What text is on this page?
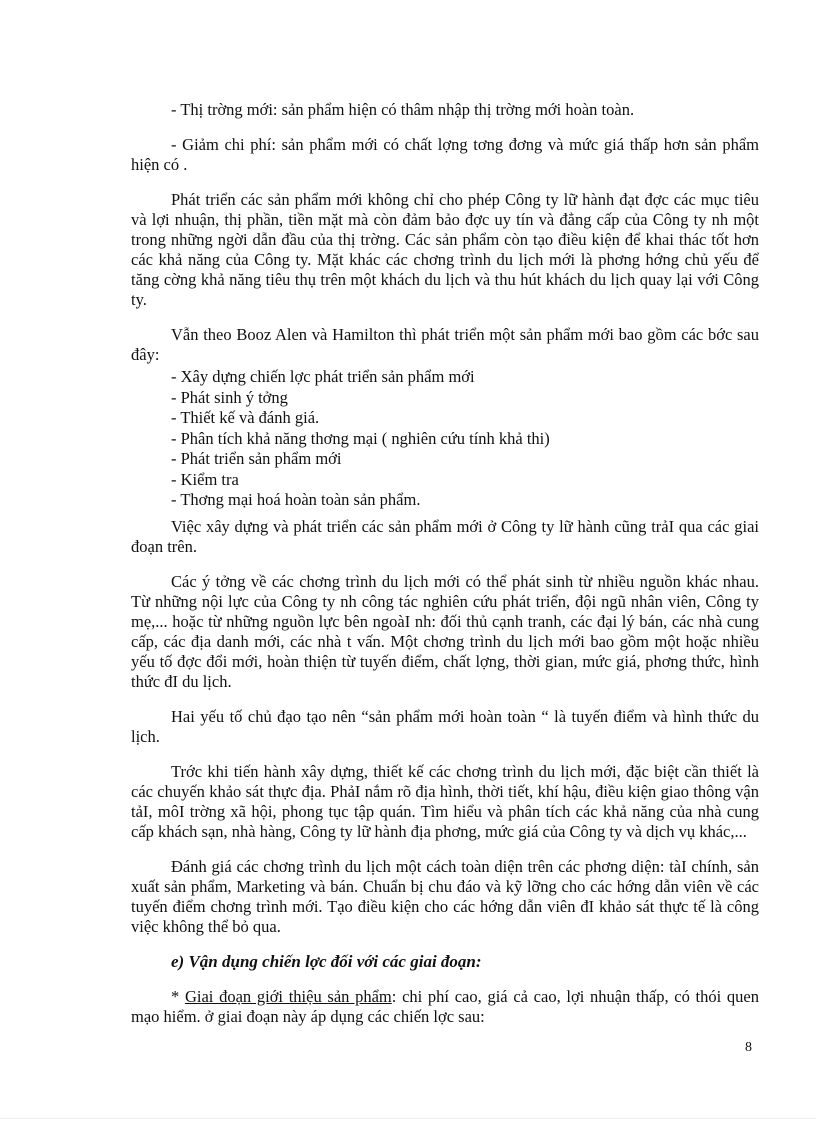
- Thị trờng mới: sản phẩm hiện có thâm nhập thị trờng mới hoàn toàn.

- Giảm chi phí: sản phẩm mới có chất lợng tơng đơng và mức giá thấp hơn sản phẩm hiện có .

Phát triển các sản phẩm mới không chỉ cho phép Công ty lữ hành đạt đợc các mục tiêu và lợi nhuận, thị phần, tiền mặt mà còn đảm bảo đợc uy tín và đẳng cấp của Công ty nh một trong những ngời dẫn đầu của thị trờng. Các sản phẩm còn tạo điều kiện để khai thác tốt hơn các khả năng của Công ty. Mặt khác các chơng trình du lịch mới là phơng hớng chủ yếu để tăng cờng khả năng tiêu thụ trên một khách du lịch và thu hút khách du lịch quay lại với Công ty.

Vẫn theo Booz Alen và Hamilton thì phát triển một sản phẩm mới bao gồm các bớc sau đây:

- Xây dựng chiến lợc phát triển sản phẩm mới

- Phát sinh ý tởng

- Thiết kế và đánh giá.

- Phân tích khả năng thơng mại ( nghiên cứu tính khả thi)

- Phát triển sản phẩm mới

- Kiểm tra

- Thơng mại hoá hoàn toàn sản phẩm.

Việc xây dựng và phát triển các sản phẩm mới ở Công ty lữ hành cũng trảI qua các giai đoạn trên.

Các ý tởng về các chơng trình du lịch mới có thể phát sinh từ nhiều nguồn khác nhau. Từ những nội lực của Công ty nh công tác nghiên cứu phát triển, đội ngũ nhân viên, Công ty mẹ,... hoặc từ những nguồn lực bên ngoàI nh: đối thủ cạnh tranh, các đại lý bán, các nhà cung cấp, các địa danh mới, các nhà t vấn. Một chơng trình du lịch mới bao gồm một hoặc nhiều yếu tố đợc đổi mới, hoàn thiện từ tuyến điểm, chất lợng, thời gian, mức giá, phơng thức, hình thức đI du lịch.

Hai yếu tố chủ đạo tạo nên “sản phẩm mới hoàn toàn “ là tuyến điểm và hình thức du lịch.

Trớc khi tiến hành xây dựng, thiết kế các chơng trình du lịch mới, đặc biệt cần thiết là các chuyến khảo sát thực địa. PhảI nắm rõ địa hình, thời tiết, khí hậu, điều kiện giao thông vận tảI, môI trờng xã hội, phong tục tập quán. Tìm hiểu và phân tích các khả năng của nhà cung cấp khách sạn, nhà hàng, Công ty lữ hành địa phơng, mức giá của Công ty và dịch vụ khác,...

Đánh giá các chơng trình du lịch một cách toàn diện trên các phơng diện: tàI chính, sản xuất sản phẩm, Marketing và bán. Chuẩn bị chu đáo và kỹ lỡng cho các hớng dẫn viên về các tuyến điểm chơng trình mới. Tạo điều kiện cho các hớng dẫn viên đI khảo sát thực tế là công việc không thể bỏ qua.

e) Vận dụng chiến lợc đối với các giai đoạn:

* Giai đoạn giới thiệu sản phẩm: chi phí cao, giá cả cao, lợi nhuận thấp, có thói quen mạo hiểm. ở giai đoạn này áp dụng các chiến lợc sau:

8
